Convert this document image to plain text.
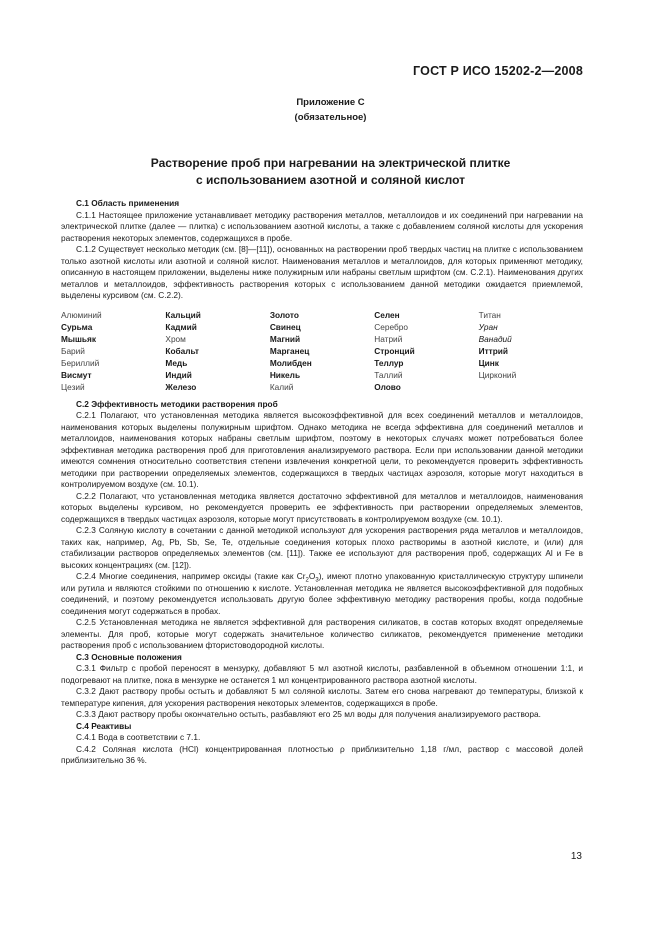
ГОСТ Р ИСО 15202-2—2008
Приложение С
(обязательное)
Растворение проб при нагревании на электрической плитке
с использованием азотной и соляной кислот

С.1 Область применения

С.1.1 Настоящее приложение устанавливает методику растворения металлов, металлоидов и их соединений при нагревании на электрической плитке (далее — плитка) с использованием азотной кислоты, а также с добавлением соляной кислоты для ускорения растворения некоторых элементов, содержащихся в пробе.

С.1.2 Существует несколько методик (см. [8]—[11]), основанных на растворении проб твердых частиц на плитке с использованием только азотной кислоты или азотной и соляной кислот. Наименования металлов и металлоидов, для которых применяют методику, описанную в настоящем приложении, выделены ниже полужирным или набраны светлым шрифтом (см. С.2.1). Наименования других металлов и металлоидов, эффективность растворения которых с использованием данной методики ожидается приемлемой, выделены курсивом (см. С.2.2).

Алюминий
Сурьма
Мышьяк
Барий
Бериллий
Висмут
Цезий
Кальций
Кадмий
Хром
Кобальт
Медь
Индий
Железо
Золото
Свинец
Магний
Марганец
Молибден
Никель
Калий
Селен
Серебро
Натрий
Стронций
Теллур
Таллий
Олово
Титан
Уран
Ванадий
Иттрий
Цинк
Цирконий

С.2 Эффективность методики растворения проб

С.2.1 Полагают, что установленная методика является высокоэффективной для всех соединений металлов и металлоидов, наименования которых выделены полужирным шрифтом. Однако методика не всегда эффективна для соединений металлов и металлоидов, наименования которых набраны светлым шрифтом, поэтому в некоторых случаях может потребоваться более эффективная методика растворения проб для приготовления анализируемого раствора. Если при использовании данной методики имеются сомнения относительно соответствия степени извлечения конкретной цели, то рекомендуется проверить эффективность методики при растворении определяемых элементов, содержащихся в твердых частицах аэрозоля, которые могут находиться в контролируемом воздухе (см. 10.1).

С.2.2 Полагают, что установленная методика является достаточно эффективной для металлов и металлоидов, наименования которых выделены курсивом, но рекомендуется проверить ее эффективность при растворении определяемых элементов, содержащихся в твердых частицах аэрозоля, которые могут присутствовать в контролируемом воздухе (см. 10.1).

С.2.3 Соляную кислоту в сочетании с данной методикой используют для ускорения растворения ряда металлов и металлоидов, таких как, например, Ag, Pb, Sb, Se, Te, отдельные соединения которых плохо растворимы в азотной кислоте, и (или) для стабилизации растворов определяемых элементов (см. [11]). Также ее используют для растворения проб, содержащих Al и Fe в высоких концентрациях (см. [12]).

С.2.4 Многие соединения, например оксиды (такие как $Cr_2O_3$), имеют плотно упакованную кристаллическую структуру шпинели или рутила и являются стойкими по отношению к кислоте. Установленная методика не является высокоэффективной для подобных соединений, и поэтому рекомендуется использовать другую более эффективную методику растворения пробы, когда подобные соединения могут содержаться в пробах.

С.2.5 Установленная методика не является эффективной для растворения силикатов, в состав которых входят определяемые элементы. Для проб, которые могут содержать значительное количество силикатов, рекомендуется применение методики растворения проб с использованием фтористоводородной кислоты.

С.3 Основные положения

С.3.1 Фильтр с пробой переносят в мензурку, добавляют 5 мл азотной кислоты, разбавленной в объемном отношении 1:1, и подогревают на плитке, пока в мензурке не останется 1 мл концентрированного раствора азотной кислоты.

С.3.2 Дают раствору пробы остыть и добавляют 5 мл соляной кислоты. Затем его снова нагревают до температуры, близкой к температуре кипения, для ускорения растворения некоторых элементов, содержащихся в пробе.

С.3.3 Дают раствору пробы окончательно остыть, разбавляют его 25 мл воды для получения анализируемого раствора.

С.4 Реактивы

С.4.1 Вода в соответствии с 7.1.

С.4.2 Соляная кислота (HCl) концентрированная плотностью ρ приблизительно 1,18 г/мл, раствор с массовой долей приблизительно 36 %.

13
